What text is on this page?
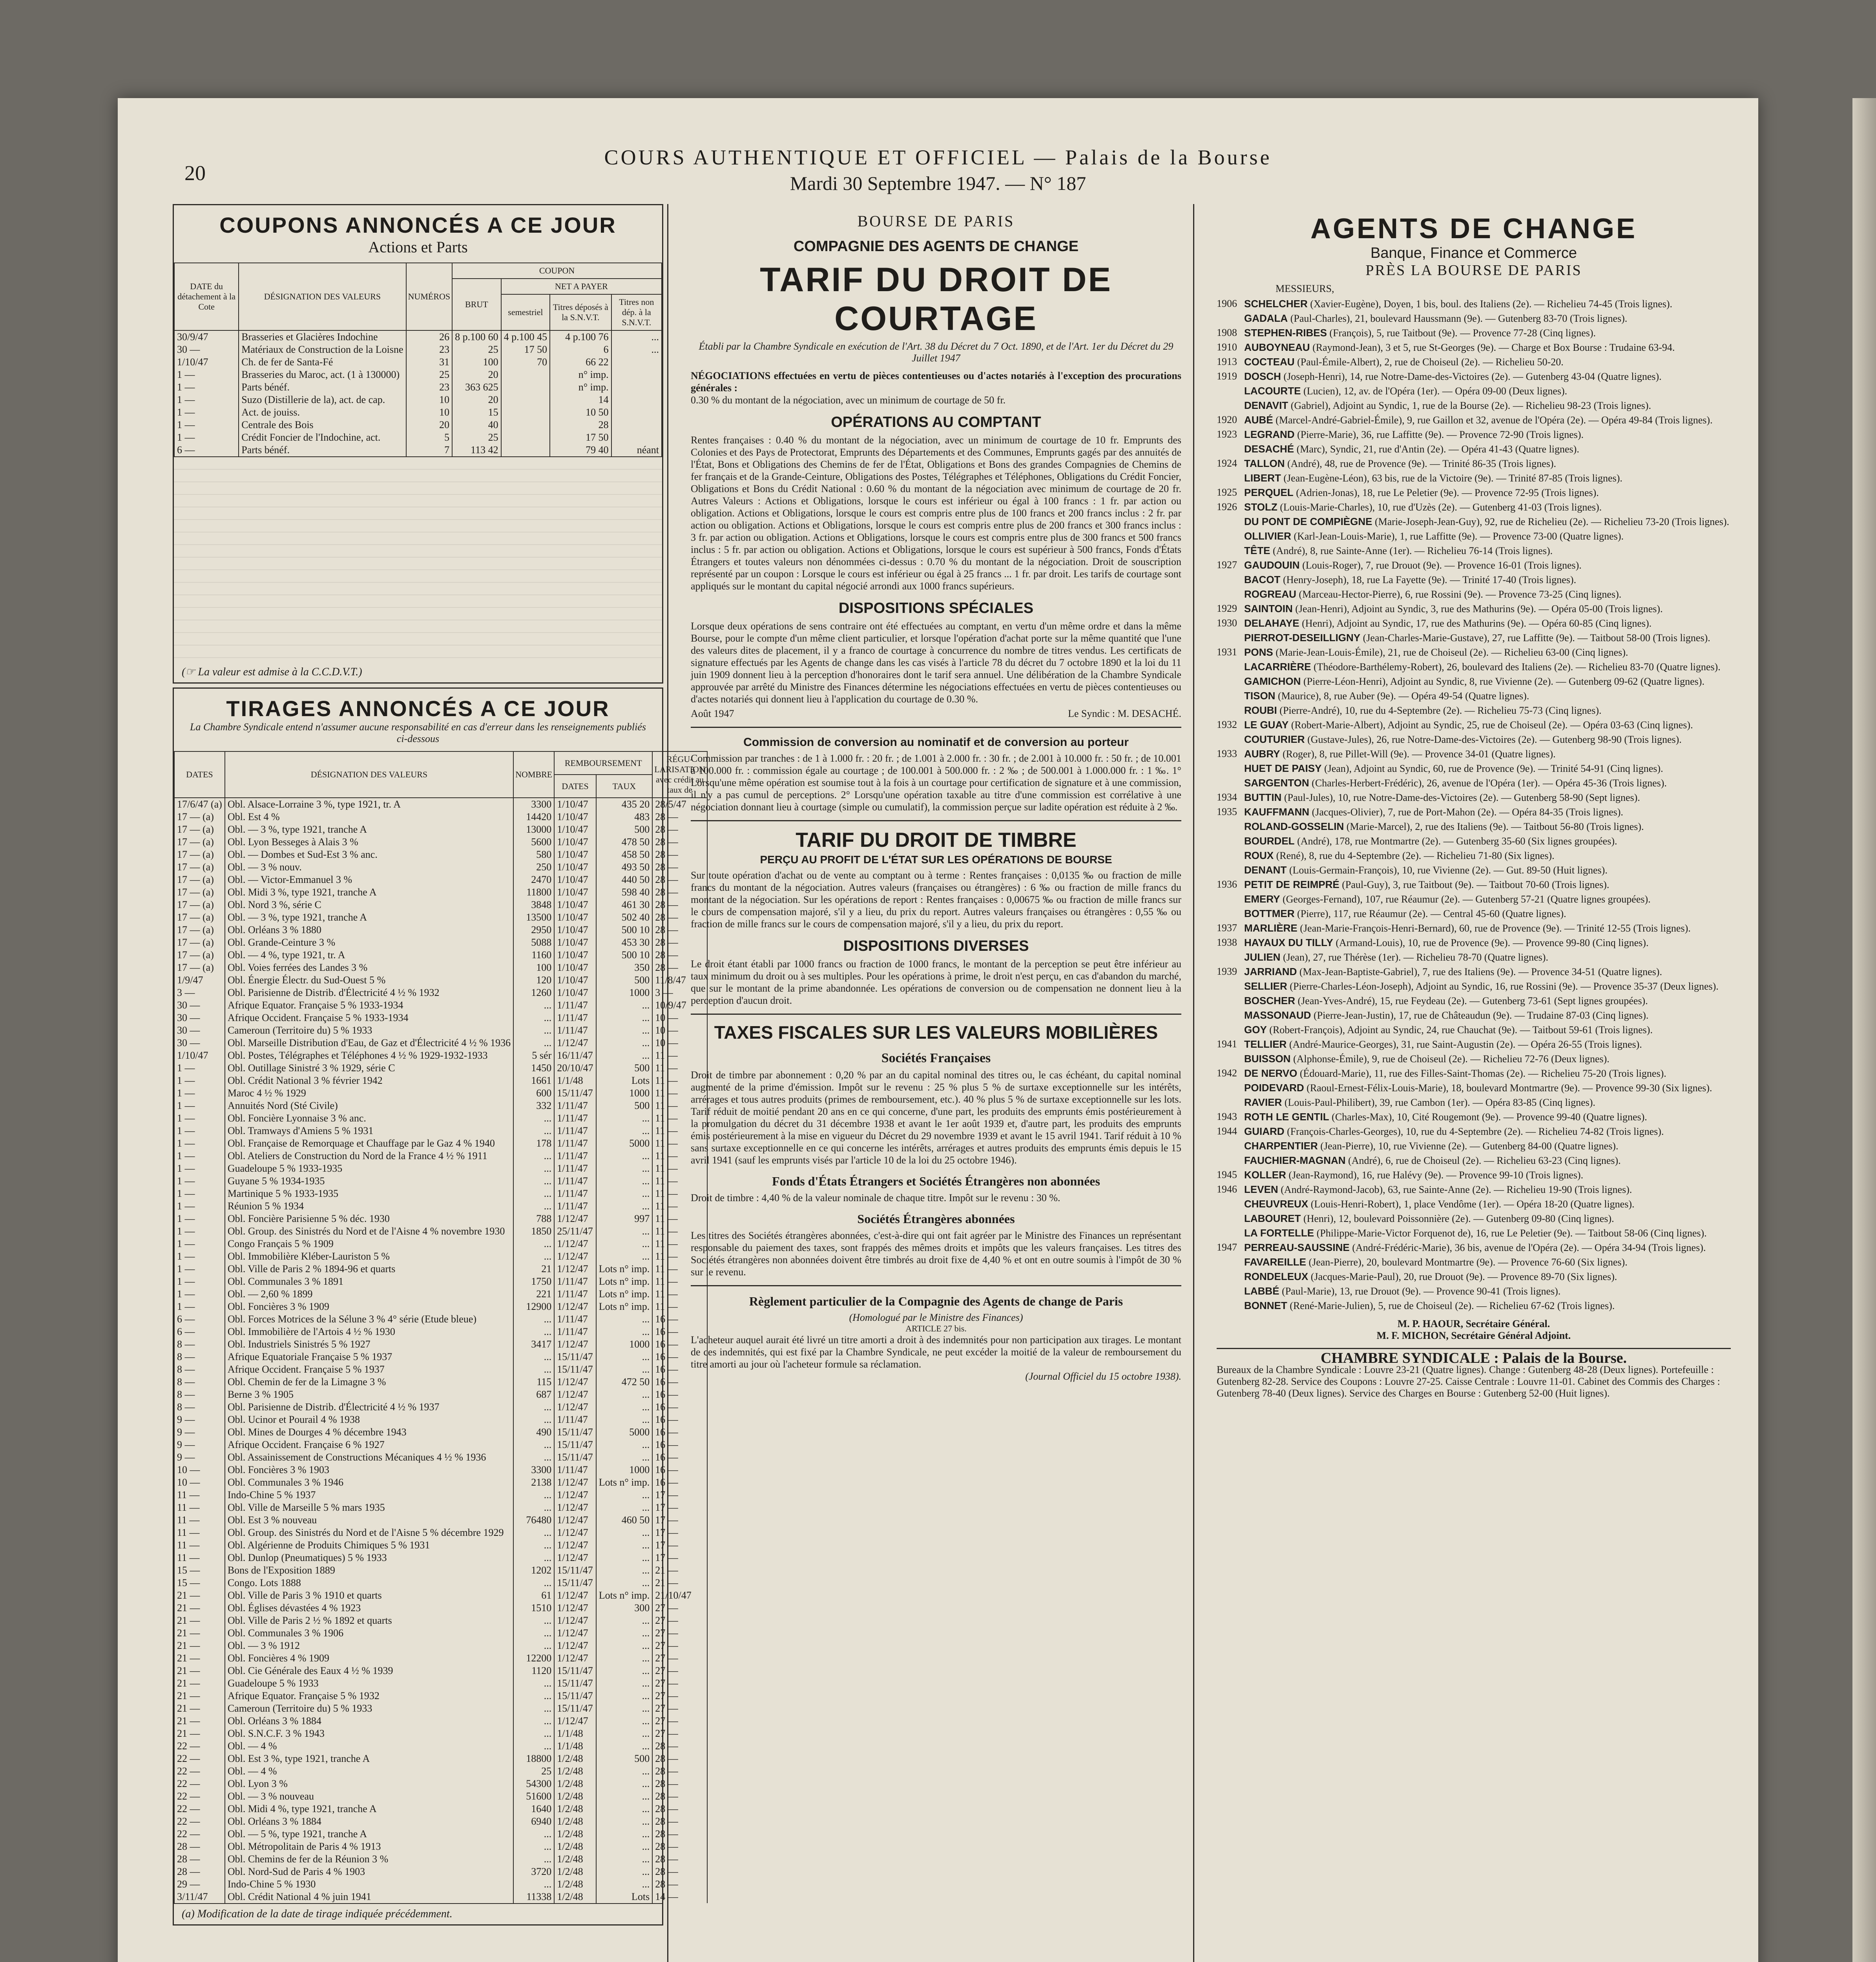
20
COURS AUTHENTIQUE ET OFFICIEL — Palais de la Bourse
Mardi 30 Septembre 1947. — N° 187
COUPONS ANNONCÉS A CE JOUR
Actions et Parts
DATE du détachement à la Cote	DÉSIGNATION DES VALEURS	NUMÉROS	COUPON			
			BRUT	NET A PAYER		
				semestriel	Titres déposés à la S.N.V.T.	Titres non dép. à la S.N.V.T.
30/9/47	Brasseries et Glacières Indochine	26	8 p.100 60	4 p.100 45	4 p.100 76	...
30 —	Matériaux de Construction de la Loisne	23	25	17 50	6	...
1/10/47	Ch. de fer de Santa-Fé	31	100	70	66 22	
1 —	Brasseries du Maroc, act. (1 à 130000)	25	20		n° imp.	
1 —	Parts bénéf.	23	363 625		n° imp.	
1 —	Suzo (Distillerie de la), act. de cap.	10	20		14	
1 —	Act. de jouiss.	10	15		10 50	
1 —	Centrale des Bois	20	40		28	
1 —	Crédit Foncier de l'Indochine, act.	5	25		17 50	
6 —	Parts bénéf.	7	113 42		79 40	néant
(☞ La valeur est admise à la C.C.D.V.T.)
TIRAGES ANNONCÉS A CE JOUR
La Chambre Syndicale entend n'assumer aucune responsabilité en cas d'erreur dans les renseignements publiés ci-dessous
DATES	DÉSIGNATION DES VALEURS	NOMBRE	REMBOURSEMENT		RÉGU-LARISATION avec crédit au taux de
			DATES	TAUX	
17/6/47 (a)	Obl. Alsace-Lorraine 3 %, type 1921, tr. A	3300	1/10/47	435 20	28/5/47
17 — (a)	Obl. Est 4 %	14420	1/10/47	483	28 —
17 — (a)	Obl. — 3 %, type 1921, tranche A	13000	1/10/47	500	28 —
17 — (a)	Obl. Lyon Besseges à Alais 3 %	5600	1/10/47	478 50	28 —
17 — (a)	Obl. — Dombes et Sud-Est 3 % anc.	580	1/10/47	458 50	28 —
17 — (a)	Obl. — 3 % nouv.	250	1/10/47	493 50	28 —
17 — (a)	Obl. — Victor-Emmanuel 3 %	2470	1/10/47	440 50	28 —
17 — (a)	Obl. Midi 3 %, type 1921, tranche A	11800	1/10/47	598 40	28 —
17 — (a)	Obl. Nord 3 %, série C	3848	1/10/47	461 30	28 —
17 — (a)	Obl. — 3 %, type 1921, tranche A	13500	1/10/47	502 40	28 —
17 — (a)	Obl. Orléans 3 % 1880	2950	1/10/47	500 10	28 —
17 — (a)	Obl. Grande-Ceinture 3 %	5088	1/10/47	453 30	28 —
17 — (a)	Obl. — 4 %, type 1921, tr. A	1160	1/10/47	500 10	28 —
17 — (a)	Obl. Voies ferrées des Landes 3 %	100	1/10/47	350	28 —
1/9/47	Obl. Énergie Électr. du Sud-Ouest 5 %	120	1/10/47	500	11/8/47
3 —	Obl. Parisienne de Distrib. d'Électricité 4 ½ % 1932	1260	1/10/47	1000	3 —
30 —	Afrique Equator. Française 5 % 1933-1934	...	1/11/47	...	10/9/47
30 —	Afrique Occident. Française 5 % 1933-1934	...	1/11/47	...	10 —
30 —	Cameroun (Territoire du) 5 % 1933	...	1/11/47	...	10 —
30 —	Obl. Marseille Distribution d'Eau, de Gaz et d'Électricité 4 ½ % 1936	...	1/12/47	...	10 —
1/10/47	Obl. Postes, Télégraphes et Téléphones 4 ½ % 1929-1932-1933	5 sér	16/11/47	...	11 —
1 —	Obl. Outillage Sinistré 3 % 1929, série C	1450	20/10/47	500	11 —
1 —	Obl. Crédit National 3 % février 1942	1661	1/1/48	Lots	11 —
1 —	Maroc 4 ½ % 1929	600	15/11/47	1000	11 —
1 —	Annuités Nord (Sté Civile)	332	1/11/47	500	11 —
1 —	Obl. Foncière Lyonnaise 3 % anc.	...	1/11/47	...	11 —
1 —	Obl. Tramways d'Amiens 5 % 1931	...	1/11/47	...	11 —
1 —	Obl. Française de Remorquage et Chauffage par le Gaz 4 % 1940	178	1/11/47	5000	11 —
1 —	Obl. Ateliers de Construction du Nord de la France 4 ½ % 1911	...	1/11/47	...	11 —
1 —	Guadeloupe 5 % 1933-1935	...	1/11/47	...	11 —
1 —	Guyane 5 % 1934-1935	...	1/11/47	...	11 —
1 —	Martinique 5 % 1933-1935	...	1/11/47	...	11 —
1 —	Réunion 5 % 1934	...	1/11/47	...	11 —
1 —	Obl. Foncière Parisienne 5 % déc. 1930	788	1/12/47	997	11 —
1 —	Obl. Group. des Sinistrés du Nord et de l'Aisne 4 % novembre 1930	1850	25/11/47	...	11 —
1 —	Congo Français 5 % 1909	...	1/12/47	...	11 —
1 —	Obl. Immobilière Kléber-Lauriston 5 %	...	1/12/47	...	11 —
1 —	Obl. Ville de Paris 2 % 1894-96 et quarts	21	1/12/47	Lots n° imp.	11 —
1 —	Obl. Communales 3 % 1891	1750	1/11/47	Lots n° imp.	11 —
1 —	Obl. — 2,60 % 1899	221	1/11/47	Lots n° imp.	11 —
1 —	Obl. Foncières 3 % 1909	12900	1/12/47	Lots n° imp.	11 —
6 —	Obl. Forces Motrices de la Sélune 3 % 4° série (Etude bleue)	...	1/11/47	...	16 —
6 —	Obl. Immobilière de l'Artois 4 ½ % 1930	...	1/11/47	...	16 —
8 —	Obl. Industriels Sinistrés 5 % 1927	3417	1/12/47	1000	16 —
8 —	Afrique Equatoriale Française 5 % 1937	...	15/11/47	...	16 —
8 —	Afrique Occident. Française 5 % 1937	...	15/11/47	...	16 —
8 —	Obl. Chemin de fer de la Limagne 3 %	115	1/12/47	472 50	16 —
8 —	Berne 3 % 1905	687	1/12/47	...	16 —
8 —	Obl. Parisienne de Distrib. d'Électricité 4 ½ % 1937	...	1/12/47	...	16 —
9 —	Obl. Ucinor et Pourail 4 % 1938	...	1/11/47	...	16 —
9 —	Obl. Mines de Dourges 4 % décembre 1943	490	15/11/47	5000	16 —
9 —	Afrique Occident. Française 6 % 1927	...	15/11/47	...	16 —
9 —	Obl. Assainissement de Constructions Mécaniques 4 ½ % 1936	...	15/11/47	...	16 —
10 —	Obl. Foncières 3 % 1903	3300	1/11/47	1000	16 —
10 —	Obl. Communales 3 % 1946	2138	1/12/47	Lots n° imp.	16 —
11 —	Indo-Chine 5 % 1937	...	1/12/47	...	17 —
11 —	Obl. Ville de Marseille 5 % mars 1935	...	1/12/47	...	17 —
11 —	Obl. Est 3 % nouveau	76480	1/12/47	460 50	17 —
11 —	Obl. Group. des Sinistrés du Nord et de l'Aisne 5 % décembre 1929	...	1/12/47	...	17 —
11 —	Obl. Algérienne de Produits Chimiques 5 % 1931	...	1/12/47	...	17 —
11 —	Obl. Dunlop (Pneumatiques) 5 % 1933	...	1/12/47	...	17 —
15 —	Bons de l'Exposition 1889	1202	15/11/47	...	21 —
15 —	Congo. Lots 1888	...	15/11/47	...	21 —
21 —	Obl. Ville de Paris 3 % 1910 et quarts	61	1/12/47	Lots n° imp.	21/10/47
21 —	Obl. Églises dévastées 4 % 1923	1510	1/12/47	300	27 —
21 —	Obl. Ville de Paris 2 ½ % 1892 et quarts	...	1/12/47	...	27 —
21 —	Obl. Communales 3 % 1906	...	1/12/47	...	27 —
21 —	Obl. — 3 % 1912	...	1/12/47	...	27 —
21 —	Obl. Foncières 4 % 1909	12200	1/12/47	...	27 —
21 —	Obl. Cie Générale des Eaux 4 ½ % 1939	1120	15/11/47	...	27 —
21 —	Guadeloupe 5 % 1933	...	15/11/47	...	27 —
21 —	Afrique Equator. Française 5 % 1932	...	15/11/47	...	27 —
21 —	Cameroun (Territoire du) 5 % 1933	...	15/11/47	...	27 —
21 —	Obl. Orléans 3 % 1884	...	1/12/47	...	27 —
21 —	Obl. S.N.C.F. 3 % 1943	...	1/1/48	...	27 —
22 —	Obl. — 4 %	...	1/1/48	...	28 —
22 —	Obl. Est 3 %, type 1921, tranche A	18800	1/2/48	500	28 —
22 —	Obl. — 4 %	25	1/2/48	...	28 —
22 —	Obl. Lyon 3 %	54300	1/2/48	...	28 —
22 —	Obl. — 3 % nouveau	51600	1/2/48	...	28 —
22 —	Obl. Midi 4 %, type 1921, tranche A	1640	1/2/48	...	28 —
22 —	Obl. Orléans 3 % 1884	6940	1/2/48	...	28 —
22 —	Obl. — 5 %, type 1921, tranche A	...	1/2/48	...	28 —
28 —	Obl. Métropolitain de Paris 4 % 1913	...	1/2/48	...	28 —
28 —	Obl. Chemins de fer de la Réunion 3 %	...	1/2/48	...	28 —
28 —	Obl. Nord-Sud de Paris 4 % 1903	3720	1/2/48	...	28 —
29 —	Indo-Chine 5 % 1930	...	1/2/48	...	28 —
3/11/47	Obl. Crédit National 4 % juin 1941	11338	1/2/48	Lots	14 —
(a) Modification de la date de tirage indiquée précédemment.
BOURSE DE PARIS
COMPAGNIE DES AGENTS DE CHANGE
TARIF DU DROIT DE COURTAGE
Établi par la Chambre Syndicale en exécution de l'Art. 38 du Décret du 7 Oct. 1890, et de l'Art. 1er du Décret du 29 Juillet 1947
NÉGOCIATIONS effectuées en vertu de pièces contentieuses ou d'actes notariés à l'exception des procurations générales :
0.30 % du montant de la négociation, avec un minimum de courtage de 50 fr.
OPÉRATIONS AU COMPTANT
Rentes françaises : 0.40 % du montant de la négociation, avec un minimum de courtage de 10 fr. Emprunts des Colonies et des Pays de Protectorat, Emprunts des Départements et des Communes, Emprunts gagés par des annuités de l'État, Bons et Obligations des Chemins de fer de l'État, Obligations et Bons des grandes Compagnies de Chemins de fer français et de la Grande-Ceinture, Obligations des Postes, Télégraphes et Téléphones, Obligations du Crédit Foncier, Obligations et Bons du Crédit National : 0.60 % du montant de la négociation avec minimum de courtage de 20 fr. Autres Valeurs : Actions et Obligations, lorsque le cours est inférieur ou égal à 100 francs : 1 fr. par action ou obligation. Actions et Obligations, lorsque le cours est compris entre plus de 100 francs et 200 francs inclus : 2 fr. par action ou obligation. Actions et Obligations, lorsque le cours est compris entre plus de 200 francs et 300 francs inclus : 3 fr. par action ou obligation. Actions et Obligations, lorsque le cours est compris entre plus de 300 francs et 500 francs inclus : 5 fr. par action ou obligation. Actions et Obligations, lorsque le cours est supérieur à 500 francs, Fonds d'États Étrangers et toutes valeurs non dénommées ci-dessus : 0.70 % du montant de la négociation. Droit de souscription représenté par un coupon : Lorsque le cours est inférieur ou égal à 25 francs ... 1 fr. par droit. Les tarifs de courtage sont appliqués sur le montant du capital négocié arrondi aux 1000 francs supérieurs.
DISPOSITIONS SPÉCIALES
Lorsque deux opérations de sens contraire ont été effectuées au comptant, en vertu d'un même ordre et dans la même Bourse, pour le compte d'un même client particulier, et lorsque l'opération d'achat porte sur la même quantité que l'une des valeurs dites de placement, il y a franco de courtage à concurrence du nombre de titres vendus. Les certificats de signature effectués par les Agents de change dans les cas visés à l'article 78 du décret du 7 octobre 1890 et la loi du 11 juin 1909 donnent lieu à la perception d'honoraires dont le tarif sera annuel. Une délibération de la Chambre Syndicale approuvée par arrêté du Ministre des Finances détermine les négociations effectuées en vertu de pièces contentieuses ou d'actes notariés qui donnent lieu à l'application du courtage de 0.30 %.
Août 1947	Le Syndic : M. DESACHÉ.
Commission de conversion au nominatif et de conversion au porteur
Commission par tranches : de 1 à 1.000 fr. : 20 fr. ; de 1.001 à 2.000 fr. : 30 fr. ; de 2.001 à 10.000 fr. : 50 fr. ; de 10.001 à 100.000 fr. : commission égale au courtage ; de 100.001 à 500.000 fr. : 2 ‰ ; de 500.001 à 1.000.000 fr. : 1 ‰. 1° Lorsqu'une même opération est soumise tout à la fois à un courtage pour certification de signature et à une commission, il n'y a pas cumul de perceptions. 2° Lorsqu'une opération taxable au titre d'une commission est corrélative à une négociation donnant lieu à courtage (simple ou cumulatif), la commission perçue sur ladite opération est réduite à 2 ‰.
TARIF DU DROIT DE TIMBRE
PERÇU AU PROFIT DE L'ÉTAT SUR LES OPÉRATIONS DE BOURSE
Sur toute opération d'achat ou de vente au comptant ou à terme : Rentes françaises : 0,0135 ‰ ou fraction de mille francs du montant de la négociation. Autres valeurs (françaises ou étrangères) : 6 ‰ ou fraction de mille francs du montant de la négociation. Sur les opérations de report : Rentes françaises : 0,00675 ‰ ou fraction de mille francs sur le cours de compensation majoré, s'il y a lieu, du prix du report. Autres valeurs françaises ou étrangères : 0,55 ‰ ou fraction de mille francs sur le cours de compensation majoré, s'il y a lieu, du prix du report.
DISPOSITIONS DIVERSES
Le droit étant établi par 1000 francs ou fraction de 1000 francs, le montant de la perception se peut être inférieur au taux minimum du droit ou à ses multiples. Pour les opérations à prime, le droit n'est perçu, en cas d'abandon du marché, que sur le montant de la prime abandonnée. Les opérations de conversion ou de compensation ne donnent lieu à la perception d'aucun droit.
TAXES FISCALES SUR LES VALEURS MOBILIÈRES
Sociétés Françaises
Droit de timbre par abonnement : 0,20 % par an du capital nominal des titres ou, le cas échéant, du capital nominal augmenté de la prime d'émission. Impôt sur le revenu : 25 % plus 5 % de surtaxe exceptionnelle sur les intérêts, arrérages et tous autres produits (primes de remboursement, etc.). 40 % plus 5 % de surtaxe exceptionnelle sur les lots. Tarif réduit de moitié pendant 20 ans en ce qui concerne, d'une part, les produits des emprunts émis postérieurement à la promulgation du décret du 31 décembre 1938 et avant le 1er août 1939 et, d'autre part, les produits des emprunts émis postérieurement à la mise en vigueur du Décret du 29 novembre 1939 et avant le 15 avril 1941. Tarif réduit à 10 % sans surtaxe exceptionnelle en ce qui concerne les intérêts, arrérages et autres produits des emprunts émis depuis le 15 avril 1941 (sauf les emprunts visés par l'article 10 de la loi du 25 octobre 1946).
Fonds d'États Étrangers et Sociétés Étrangères non abonnées
Droit de timbre : 4,40 % de la valeur nominale de chaque titre. Impôt sur le revenu : 30 %.
Sociétés Étrangères abonnées
Les titres des Sociétés étrangères abonnées, c'est-à-dire qui ont fait agréer par le Ministre des Finances un représentant responsable du paiement des taxes, sont frappés des mêmes droits et impôts que les valeurs françaises. Les titres des Sociétés étrangères non abonnées doivent être timbrés au droit fixe de 4,40 % et ont en outre soumis à l'impôt de 30 % sur le revenu.
Règlement particulier de la Compagnie des Agents de change de Paris
(Homologué par le Ministre des Finances)
ARTICLE 27 bis.
L'acheteur auquel aurait été livré un titre amorti a droit à des indemnités pour non participation aux tirages. Le montant de ces indemnités, qui est fixé par la Chambre Syndicale, ne peut excéder la moitié de la valeur de remboursement du titre amorti au jour où l'acheteur formule sa réclamation.
(Journal Officiel du 15 octobre 1938).
AGENTS DE CHANGE
Banque, Finance et Commerce
PRÈS LA BOURSE DE PARIS
MESSIEURS,
1906 SCHELCHER (Xavier-Eugène), Doyen, 1 bis, boul. des Italiens (2e). — Richelieu 74-45 (Trois lignes).
GADALA (Paul-Charles), 21, boulevard Haussmann (9e). — Gutenberg 83-70 (Trois lignes).
1908 STEPHEN-RIBES (François), 5, rue Taitbout (9e). — Provence 77-28 (Cinq lignes).
1910 AUBOYNEAU (Raymond-Jean), 3 et 5, rue St-Georges (9e). — Charge et Box Bourse : Trudaine 63-94.
1913 COCTEAU (Paul-Émile-Albert), 2, rue de Choiseul (2e). — Richelieu 50-20.
1919 DOSCH (Joseph-Henri), 14, rue Notre-Dame-des-Victoires (2e). — Gutenberg 43-04 (Quatre lignes).
LACOURTE (Lucien), 12, av. de l'Opéra (1er). — Opéra 09-00 (Deux lignes).
DENAVIT (Gabriel), Adjoint au Syndic, 1, rue de la Bourse (2e). — Richelieu 98-23 (Trois lignes).
1920 AUBÉ (Marcel-André-Gabriel-Émile), 9, rue Gaillon et 32, avenue de l'Opéra (2e). — Opéra 49-84 (Trois lignes).
1923 LEGRAND (Pierre-Marie), 36, rue Laffitte (9e). — Provence 72-90 (Trois lignes).
DESACHÉ (Marc), Syndic, 21, rue d'Antin (2e). — Opéra 41-43 (Quatre lignes).
1924 TALLON (André), 48, rue de Provence (9e). — Trinité 86-35 (Trois lignes).
LIBERT (Jean-Eugène-Léon), 63 bis, rue de la Victoire (9e). — Trinité 87-85 (Trois lignes).
1925 PERQUEL (Adrien-Jonas), 18, rue Le Peletier (9e). — Provence 72-95 (Trois lignes).
1926 STOLZ (Louis-Marie-Charles), 10, rue d'Uzès (2e). — Gutenberg 41-03 (Trois lignes).
DU PONT DE COMPIÈGNE (Marie-Joseph-Jean-Guy), 92, rue de Richelieu (2e). — Richelieu 73-20 (Trois lignes).
OLLIVIER (Karl-Jean-Louis-Marie), 1, rue Laffitte (9e). — Provence 73-00 (Quatre lignes).
TÊTE (André), 8, rue Sainte-Anne (1er). — Richelieu 76-14 (Trois lignes).
1927 GAUDOUIN (Louis-Roger), 7, rue Drouot (9e). — Provence 16-01 (Trois lignes).
BACOT (Henry-Joseph), 18, rue La Fayette (9e). — Trinité 17-40 (Trois lignes).
ROGREAU (Marceau-Hector-Pierre), 6, rue Rossini (9e). — Provence 73-25 (Cinq lignes).
1929 SAINTOIN (Jean-Henri), Adjoint au Syndic, 3, rue des Mathurins (9e). — Opéra 05-00 (Trois lignes).
1930 DELAHAYE (Henri), Adjoint au Syndic, 17, rue des Mathurins (9e). — Opéra 60-85 (Cinq lignes).
PIERROT-DESEILLIGNY (Jean-Charles-Marie-Gustave), 27, rue Laffitte (9e). — Taitbout 58-00 (Trois lignes).
1931 PONS (Marie-Jean-Louis-Émile), 21, rue de Choiseul (2e). — Richelieu 63-00 (Cinq lignes).
LACARRIÈRE (Théodore-Barthélemy-Robert), 26, boulevard des Italiens (2e). — Richelieu 83-70 (Quatre lignes).
GAMICHON (Pierre-Léon-Henri), Adjoint au Syndic, 8, rue Vivienne (2e). — Gutenberg 09-62 (Quatre lignes).
TISON (Maurice), 8, rue Auber (9e). — Opéra 49-54 (Quatre lignes).
ROUBI (Pierre-André), 10, rue du 4-Septembre (2e). — Richelieu 75-73 (Cinq lignes).
1932 LE GUAY (Robert-Marie-Albert), Adjoint au Syndic, 25, rue de Choiseul (2e). — Opéra 03-63 (Cinq lignes).
COUTURIER (Gustave-Jules), 26, rue Notre-Dame-des-Victoires (2e). — Gutenberg 98-90 (Trois lignes).
1933 AUBRY (Roger), 8, rue Pillet-Will (9e). — Provence 34-01 (Quatre lignes).
HUET DE PAISY (Jean), Adjoint au Syndic, 60, rue de Provence (9e). — Trinité 54-91 (Cinq lignes).
SARGENTON (Charles-Herbert-Frédéric), 26, avenue de l'Opéra (1er). — Opéra 45-36 (Trois lignes).
1934 BUTTIN (Paul-Jules), 10, rue Notre-Dame-des-Victoires (2e). — Gutenberg 58-90 (Sept lignes).
1935 KAUFFMANN (Jacques-Olivier), 7, rue de Port-Mahon (2e). — Opéra 84-35 (Trois lignes).
ROLAND-GOSSELIN (Marie-Marcel), 2, rue des Italiens (9e). — Taitbout 56-80 (Trois lignes).
BOURDEL (André), 178, rue Montmartre (2e). — Gutenberg 35-60 (Six lignes groupées).
ROUX (René), 8, rue du 4-Septembre (2e). — Richelieu 71-80 (Six lignes).
DENANT (Louis-Germain-François), 10, rue Vivienne (2e). — Gut. 89-50 (Huit lignes).
1936 PETIT DE REIMPRÉ (Paul-Guy), 3, rue Taitbout (9e). — Taitbout 70-60 (Trois lignes).
EMERY (Georges-Fernand), 107, rue Réaumur (2e). — Gutenberg 57-21 (Quatre lignes groupées).
BOTTMER (Pierre), 117, rue Réaumur (2e). — Central 45-60 (Quatre lignes).
1937 MARLIÈRE (Jean-Marie-François-Henri-Bernard), 60, rue de Provence (9e). — Trinité 12-55 (Trois lignes).
1938 HAYAUX DU TILLY (Armand-Louis), 10, rue de Provence (9e). — Provence 99-80 (Cinq lignes).
JULIEN (Jean), 27, rue Thérèse (1er). — Richelieu 78-70 (Quatre lignes).
1939 JARRIAND (Max-Jean-Baptiste-Gabriel), 7, rue des Italiens (9e). — Provence 34-51 (Quatre lignes).
SELLIER (Pierre-Charles-Léon-Joseph), Adjoint au Syndic, 16, rue Rossini (9e). — Provence 35-37 (Deux lignes).
BOSCHER (Jean-Yves-André), 15, rue Feydeau (2e). — Gutenberg 73-61 (Sept lignes groupées).
MASSONAUD (Pierre-Jean-Justin), 17, rue de Châteaudun (9e). — Trudaine 87-03 (Cinq lignes).
GOY (Robert-François), Adjoint au Syndic, 24, rue Chauchat (9e). — Taitbout 59-61 (Trois lignes).
1941 TELLIER (André-Maurice-Georges), 31, rue Saint-Augustin (2e). — Opéra 26-55 (Trois lignes).
BUISSON (Alphonse-Émile), 9, rue de Choiseul (2e). — Richelieu 72-76 (Deux lignes).
1942 DE NERVO (Édouard-Marie), 11, rue des Filles-Saint-Thomas (2e). — Richelieu 75-20 (Trois lignes).
POIDEVARD (Raoul-Ernest-Félix-Louis-Marie), 18, boulevard Montmartre (9e). — Provence 99-30 (Six lignes).
RAVIER (Louis-Paul-Philibert), 39, rue Cambon (1er). — Opéra 83-85 (Cinq lignes).
1943 ROTH LE GENTIL (Charles-Max), 10, Cité Rougemont (9e). — Provence 99-40 (Quatre lignes).
1944 GUIARD (François-Charles-Georges), 10, rue du 4-Septembre (2e). — Richelieu 74-82 (Trois lignes).
CHARPENTIER (Jean-Pierre), 10, rue Vivienne (2e). — Gutenberg 84-00 (Quatre lignes).
FAUCHIER-MAGNAN (André), 6, rue de Choiseul (2e). — Richelieu 63-23 (Cinq lignes).
1945 KOLLER (Jean-Raymond), 16, rue Halévy (9e). — Provence 99-10 (Trois lignes).
1946 LEVEN (André-Raymond-Jacob), 63, rue Sainte-Anne (2e). — Richelieu 19-90 (Trois lignes).
CHEUVREUX (Louis-Henri-Robert), 1, place Vendôme (1er). — Opéra 18-20 (Quatre lignes).
LABOURET (Henri), 12, boulevard Poissonnière (2e). — Gutenberg 09-80 (Cinq lignes).
LA FORTELLE (Philippe-Marie-Victor Forquenot de), 16, rue Le Peletier (9e). — Taitbout 58-06 (Cinq lignes).
1947 PERREAU-SAUSSINE (André-Frédéric-Marie), 36 bis, avenue de l'Opéra (2e). — Opéra 34-94 (Trois lignes).
FAVAREILLE (Jean-Pierre), 20, boulevard Montmartre (9e). — Provence 76-60 (Six lignes).
RONDELEUX (Jacques-Marie-Paul), 20, rue Drouot (9e). — Provence 89-70 (Six lignes).
LABBÉ (Paul-Marie), 13, rue Drouot (9e). — Provence 90-41 (Trois lignes).
BONNET (René-Marie-Julien), 5, rue de Choiseul (2e). — Richelieu 67-62 (Trois lignes).
M. P. HAOUR, Secrétaire Général.
M. F. MICHON, Secrétaire Général Adjoint.
CHAMBRE SYNDICALE : Palais de la Bourse.
Bureaux de la Chambre Syndicale : Louvre 23-21 (Quatre lignes). Change : Gutenberg 48-28 (Deux lignes). Portefeuille : Gutenberg 82-28. Service des Coupons : Louvre 27-25. Caisse Centrale : Louvre 11-01. Cabinet des Commis des Charges : Gutenberg 78-40 (Deux lignes). Service des Charges en Bourse : Gutenberg 52-00 (Huit lignes).
